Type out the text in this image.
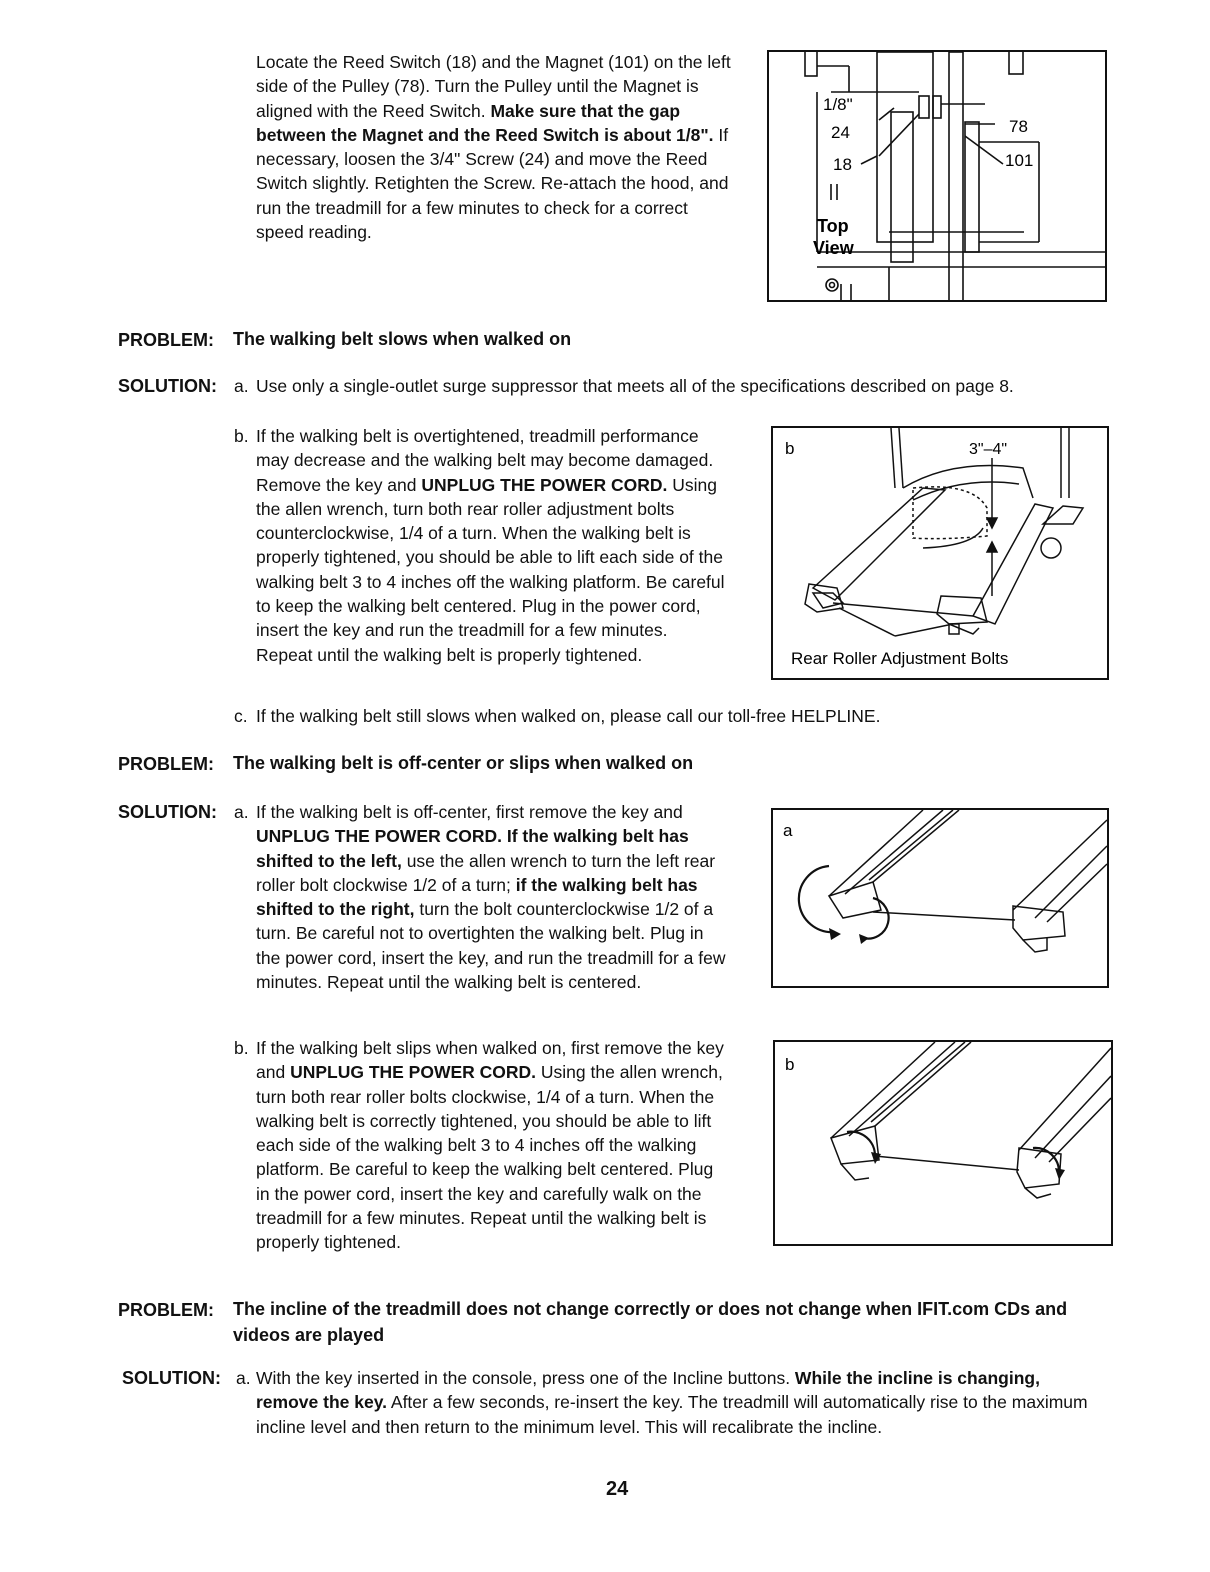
Locate the Reed Switch (18) and the Magnet (101) on the left side of the Pulley (78). Turn the Pulley until the Magnet is aligned with the Reed Switch. Make sure that the gap between the Magnet and the Reed Switch is about 1/8". If necessary, loosen the 3/4" Screw (24) and move the Reed Switch slightly. Retighten the Screw. Re-attach the hood, and run the treadmill for a few minutes to check for a correct speed reading.

1/8"
24
18
78
101
Top
View
PROBLEM: The walking belt slows when walked on
SOLUTION: a. Use only a single-outlet surge suppressor that meets all of the specifications described on page 8.

b. If the walking belt is overtightened, treadmill performance may decrease and the walking belt may become damaged. Remove the key and UNPLUG THE POWER CORD. Using the allen wrench, turn both rear roller adjustment bolts counterclockwise, 1/4 of a turn. When the walking belt is properly tightened, you should be able to lift each side of the walking belt 3 to 4 inches off the walking platform. Be careful to keep the walking belt centered. Plug in the power cord, insert the key and run the treadmill for a few minutes. Repeat until the walking belt is properly tightened.

b	3"–4"
Rear Roller Adjustment Bolts
c. If the walking belt still slows when walked on, please call our toll-free HELPLINE.

PROBLEM: The walking belt is off-center or slips when walked on
SOLUTION: a. If the walking belt is off-center, first remove the key and UNPLUG THE POWER CORD. If the walking belt has shifted to the left, use the allen wrench to turn the left rear roller bolt clockwise 1/2 of a turn; if the walking belt has shifted to the right, turn the bolt counterclockwise 1/2 of a turn. Be careful not to overtighten the walking belt. Plug in the power cord, insert the key, and run the treadmill for a few minutes. Repeat until the walking belt is centered.

a
b. If the walking belt slips when walked on, first remove the key and UNPLUG THE POWER CORD. Using the allen wrench, turn both rear roller bolts clockwise, 1/4 of a turn. When the walking belt is correctly tightened, you should be able to lift each side of the walking belt 3 to 4 inches off the walking platform. Be careful to keep the walking belt centered. Plug in the power cord, insert the key and carefully walk on the treadmill for a few minutes. Repeat until the walking belt is properly tightened.

b
PROBLEM: The incline of the treadmill does not change correctly or does not change when IFIT.com CDs and videos are played
SOLUTION: a. With the key inserted in the console, press one of the Incline buttons. While the incline is changing, remove the key. After a few seconds, re-insert the key. The treadmill will automatically rise to the maximum incline level and then return to the minimum level. This will recalibrate the incline.

24
